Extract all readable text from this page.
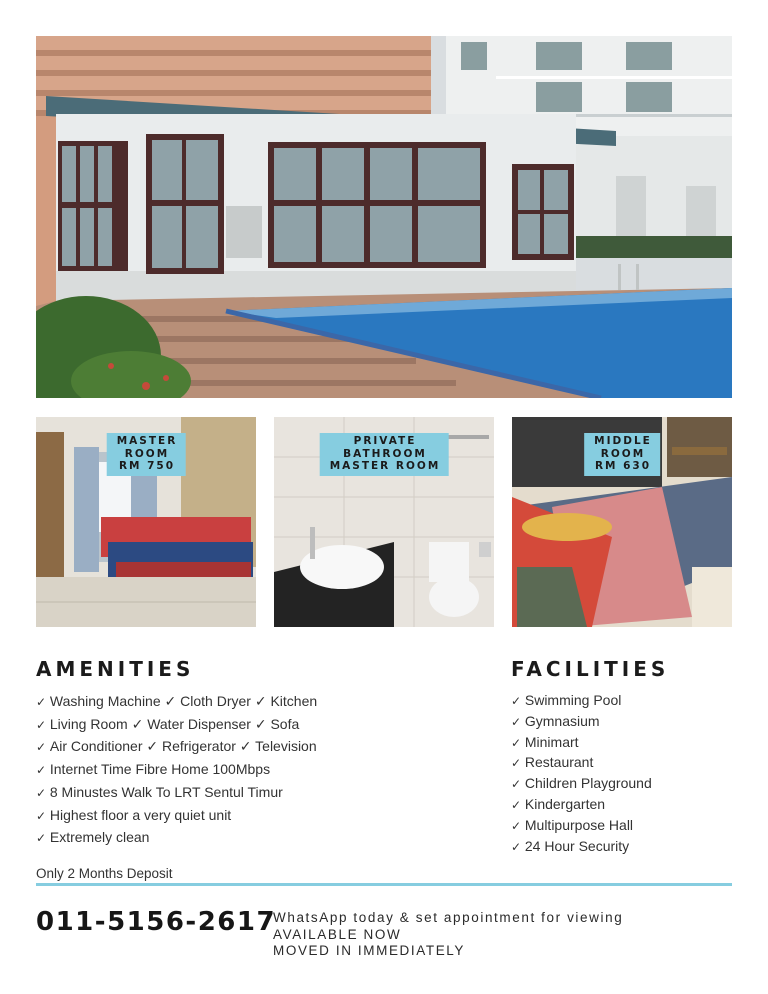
MASTER
ROOM
RM 750
PRIVATE
BATHROOM
MASTER ROOM
MIDDLE
ROOM
RM 630
AMENITIES
✓ Washing Machine ✓ Cloth Dryer ✓ Kitchen
✓ Living Room ✓ Water Dispenser ✓ Sofa
✓ Air Conditioner ✓ Refrigerator ✓ Television
✓ Internet Time Fibre Home 100Mbps
✓ 8 Minustes Walk To LRT Sentul Timur
✓ Highest floor a very quiet unit
✓ Extremely clean
FACILITIES
✓ Swimming Pool
✓ Gymnasium
✓ Minimart
✓ Restaurant
✓ Children Playground
✓ Kindergarten
✓ Multipurpose Hall
✓ 24 Hour Security
Only 2 Months Deposit
011-5156-2617
WhatsApp today & set appointment for viewing
AVAILABLE NOW
MOVED IN IMMEDIATELY
